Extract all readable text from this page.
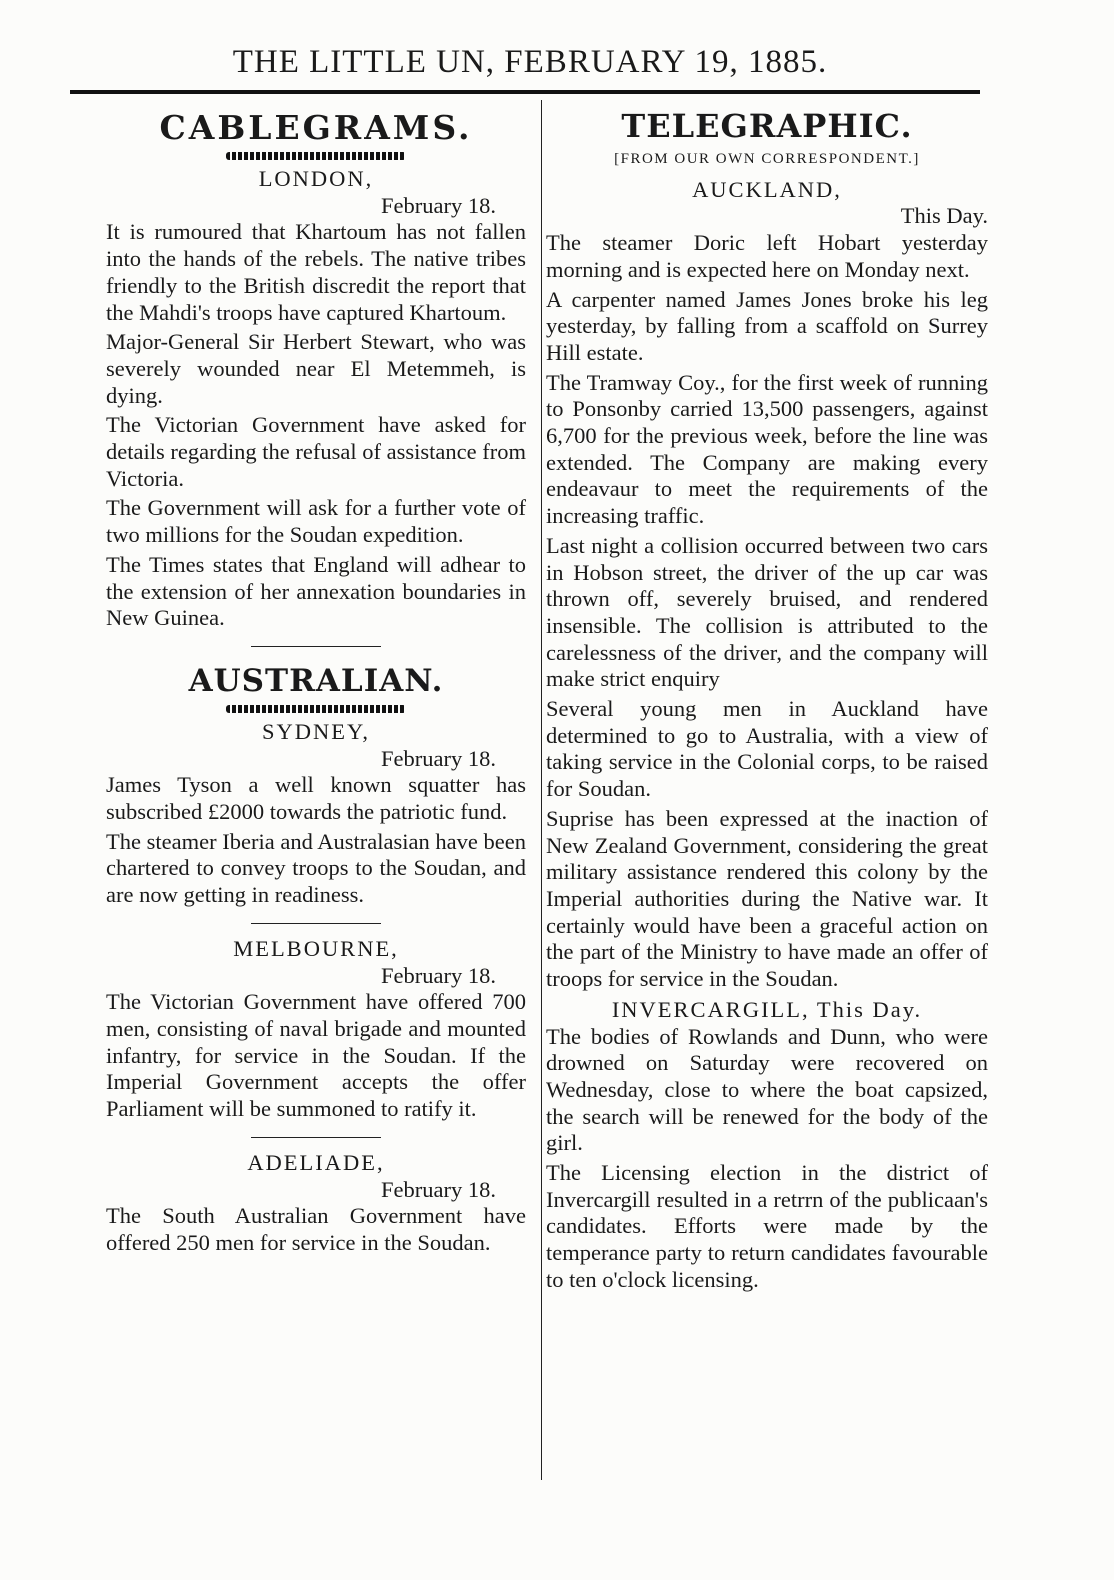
THE LITTLE UN, FEBRUARY 19, 1885.
CABLEGRAMS.

LONDON,

February 18.

It is rumoured that Khartoum has not fallen into the hands of the rebels. The native tribes friendly to the British discredit the report that the Mahdi's troops have captured Khartoum.

Major-General Sir Herbert Stewart, who was severely wounded near El Metemmeh, is dying.

The Victorian Government have asked for details regarding the refusal of assistance from Victoria.

The Government will ask for a further vote of two millions for the Soudan expedition.

The Times states that England will adhear to the extension of her annexation boundaries in New Guinea.

AUSTRALIAN.

SYDNEY,

February 18.

James Tyson a well known squatter has subscribed £2000 towards the patriotic fund.

The steamer Iberia and Australasian have been chartered to convey troops to the Soudan, and are now getting in readiness.

MELBOURNE,

February 18.

The Victorian Government have offered 700 men, consisting of naval brigade and mounted infantry, for service in the Soudan. If the Imperial Government accepts the offer Parliament will be summoned to ratify it.

ADELIADE,

February 18.

The South Australian Government have offered 250 men for service in the Soudan.

TELEGRAPHIC.

[FROM OUR OWN CORRESPONDENT.]

AUCKLAND,

This Day.

The steamer Doric left Hobart yesterday morning and is expected here on Monday next.

A carpenter named James Jones broke his leg yesterday, by falling from a scaffold on Surrey Hill estate.

The Tramway Coy., for the first week of running to Ponsonby carried 13,500 passengers, against 6,700 for the previous week, before the line was extended. The Company are making every endeavaur to meet the requirements of the increasing traffic.

Last night a collision occurred between two cars in Hobson street, the driver of the up car was thrown off, severely bruised, and rendered insensible. The collision is attributed to the carelessness of the driver, and the company will make strict enquiry

Several young men in Auckland have determined to go to Australia, with a view of taking service in the Colonial corps, to be raised for Soudan.

Suprise has been expressed at the inaction of New Zealand Government, considering the great military assistance rendered this colony by the Imperial authorities during the Native war. It certainly would have been a graceful action on the part of the Ministry to have made an offer of troops for service in the Soudan.

INVERCARGILL, This Day.

The bodies of Rowlands and Dunn, who were drowned on Saturday were recovered on Wednesday, close to where the boat capsized, the search will be renewed for the body of the girl.

The Licensing election in the district of Invercargill resulted in a retrrn of the publicaan's candidates. Efforts were made by the temperance party to return candidates favourable to ten o'clock licensing.
